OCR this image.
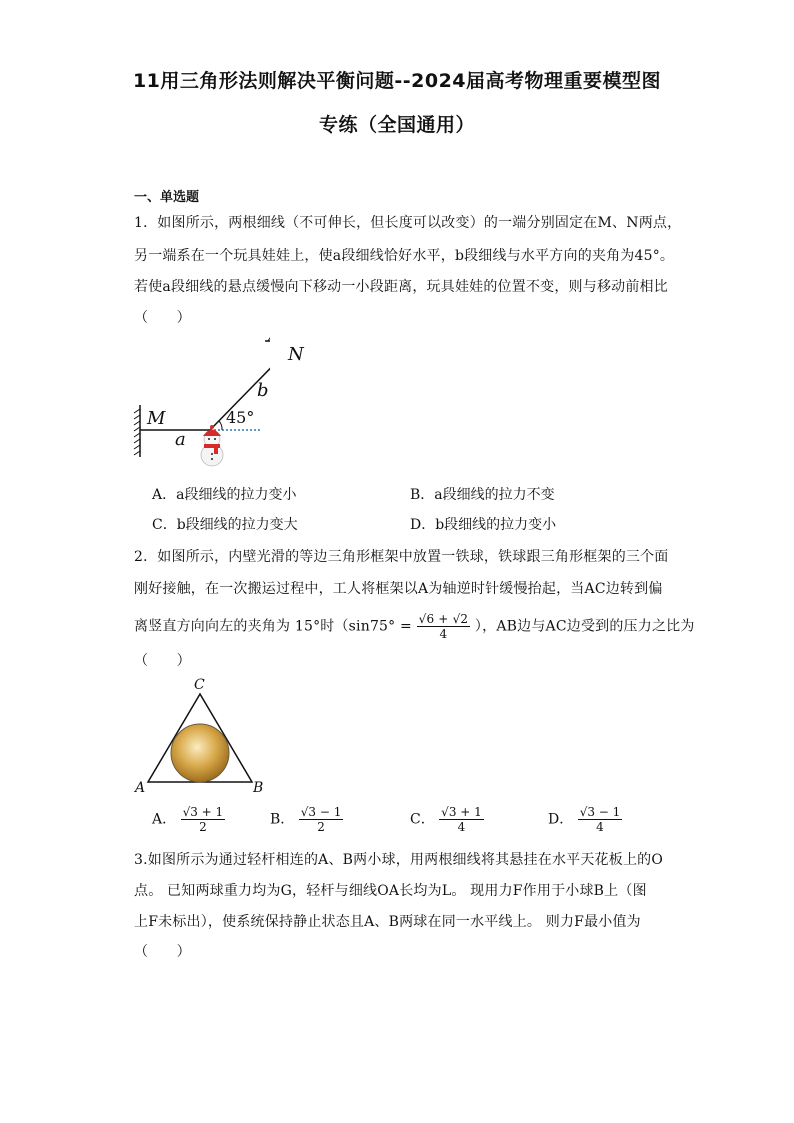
11用三角形法则解决平衡问题--2024届高考物理重要模型图
专练（全国通用）
一、单选题
1．如图所示，两根细线（不可伸长，但长度可以改变）的一端分别固定在M、N两点，
另一端系在一个玩具娃娃上，使a段细线恰好水平，b段细线与水平方向的夹角为45°。
若使a段细线的悬点缓慢向下移动一小段距离，玩具娃娃的位置不变，则与移动前相比
（　　）
N
b
M
a
45°
A．a段细线的拉力变小	B．a段细线的拉力不变
C．b段细线的拉力变大	D．b段细线的拉力变小
2．如图所示，内壁光滑的等边三角形框架中放置一铁球，铁球跟三角形框架的三个面
刚好接触，在一次搬运过程中，工人将框架以A为轴逆时针缓慢抬起，当AC边转到偏
离竖直方向向左的夹角为 15°时（$\sin 75^\circ = \frac{√6 + √2}{4}$ ），AB边与AC边受到的压力之比为
（　　）
C
A	B
A． $\frac{√3 + 1}{2}$	B． $\frac{√3 - 1}{2}$	C． $\frac{√3 + 1}{4}$	D． $\frac{√3 - 1}{4}$
3.如图所示为通过轻杆相连的A、B两小球，用两根细线将其悬挂在水平天花板上的O
点。 已知两球重力均为G，轻杆与细线OA长均为L。 现用力F作用于小球B上（图
上F未标出），使系统保持静止状态且A、B两球在同一水平线上。 则力F最小值为
（　　）
